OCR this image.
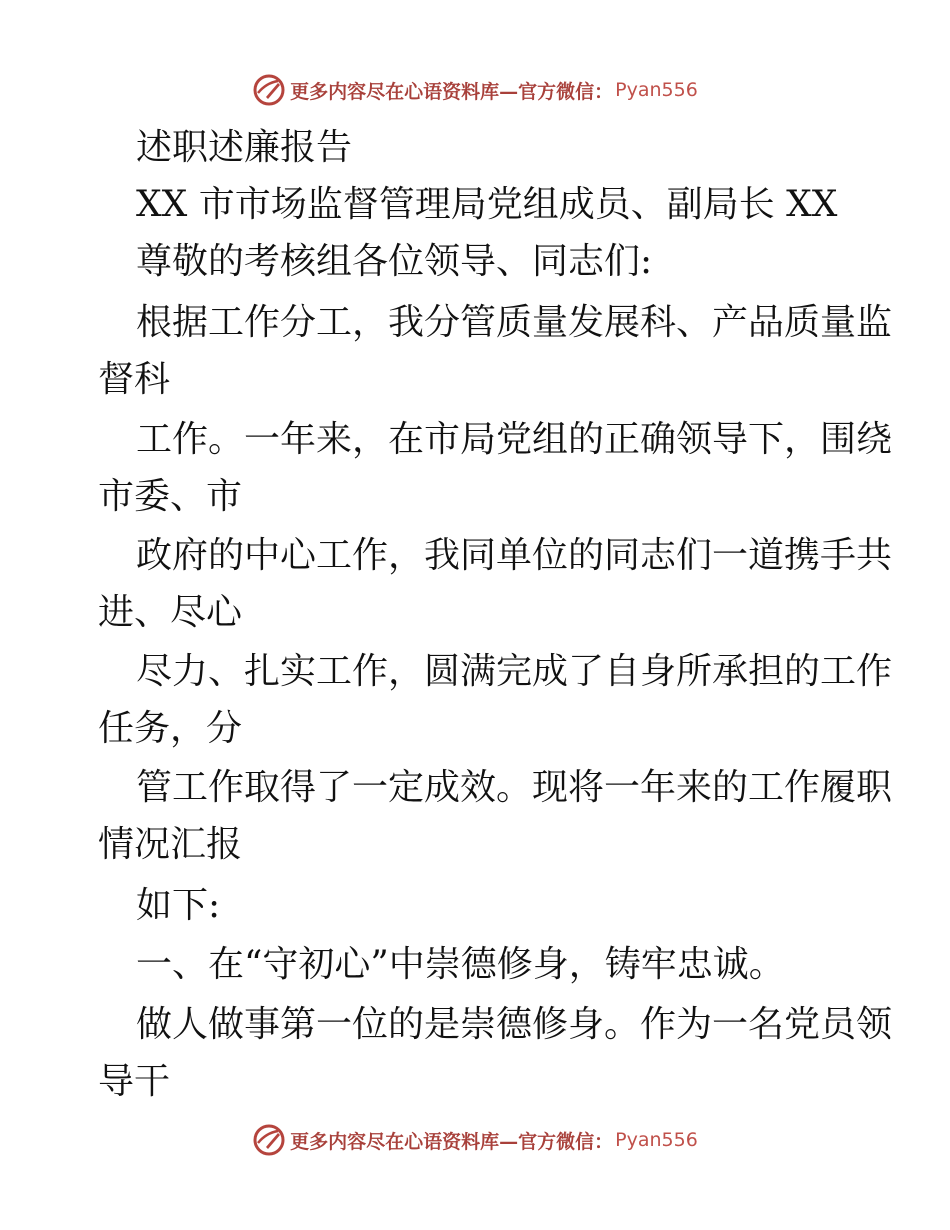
更多内容尽在心语资料库—官方微信： Pyan556
述职述廉报告
XX 市市场监督管理局党组成员、副局长 XX
尊敬的考核组各位领导、同志们:
根据工作分工，我分管质量发展科、产品质量监
督科
工作。一年来，在市局党组的正确领导下，围绕
市委、市
政府的中心工作，我同单位的同志们一道携手共
进、尽心
尽力、扎实工作，圆满完成了自身所承担的工作
任务，分
管工作取得了一定成效。现将一年来的工作履职
情况汇报
如下:
一、在“守初心”中崇德修身，铸牢忠诚。
做人做事第一位的是崇德修身。作为一名党员领
导干
更多内容尽在心语资料库—官方微信： Pyan556
